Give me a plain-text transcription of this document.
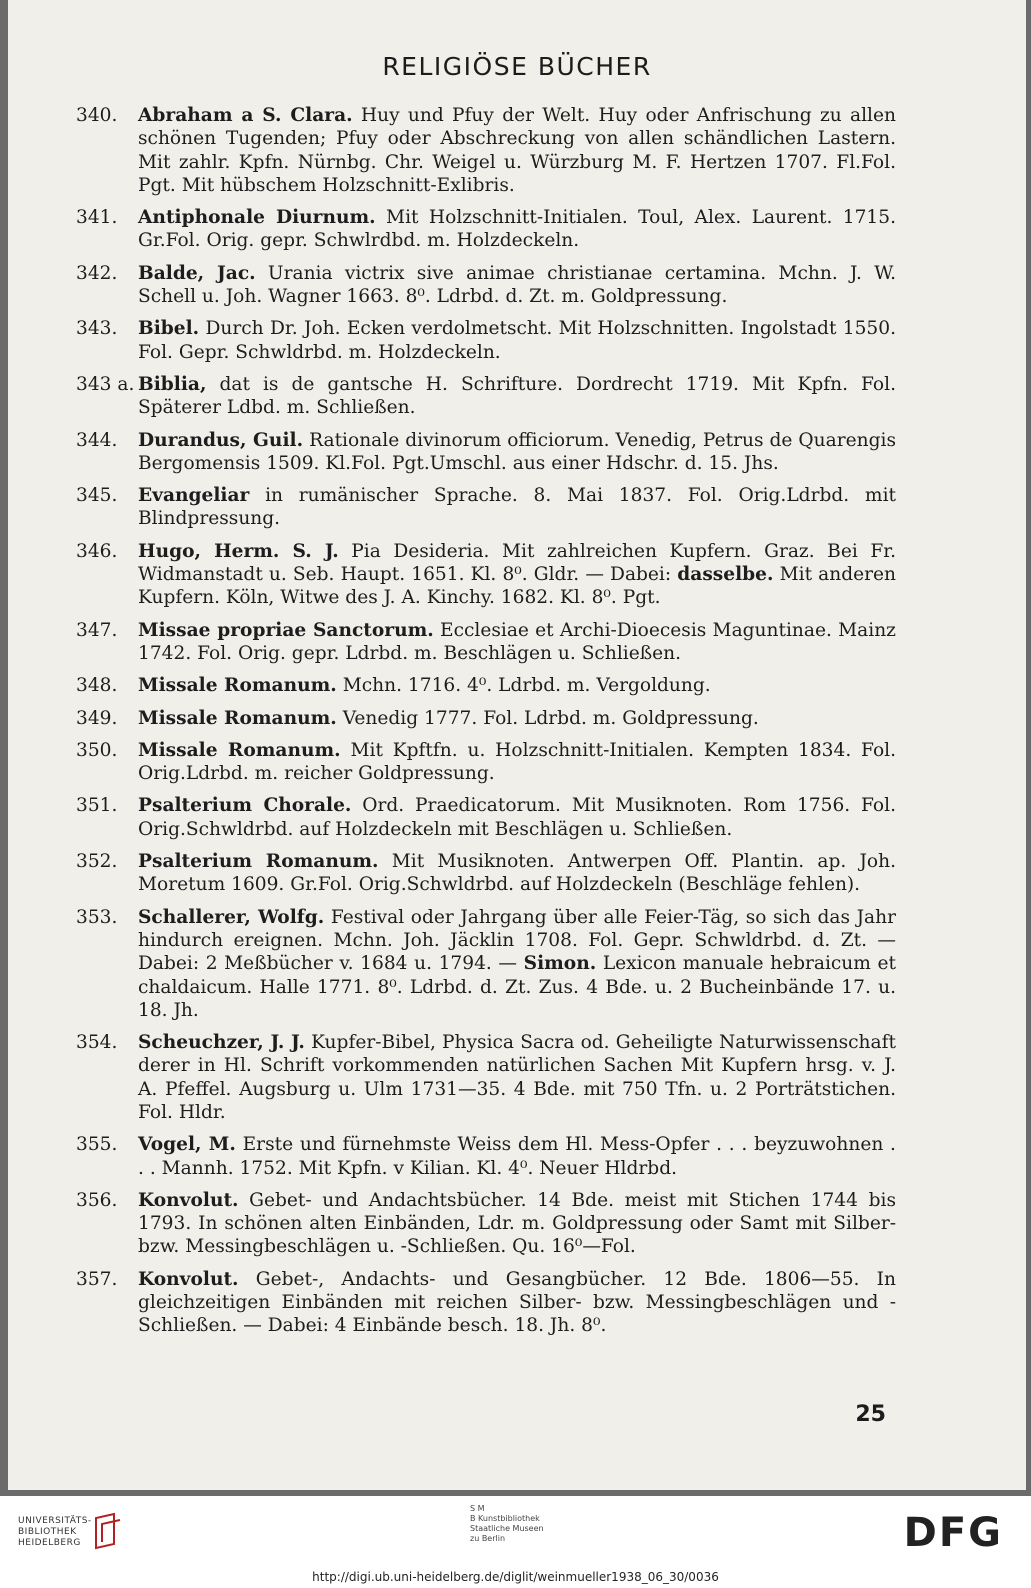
RELIGIÖSE BÜCHER
340. Abraham a S. Clara. Huy und Pfuy der Welt. Huy oder Anfrischung zu allen schönen Tugenden; Pfuy oder Abschreckung von allen schändlichen Lastern. Mit zahlr. Kpfn. Nürnbg. Chr. Weigel u. Würzburg M. F. Hertzen 1707. Fl.Fol. Pgt. Mit hübschem Holzschnitt-Exlibris.
341. Antiphonale Diurnum. Mit Holzschnitt-Initialen. Toul, Alex. Laurent. 1715. Gr.Fol. Orig. gepr. Schwlrdbd. m. Holzdeckeln.
342. Balde, Jac. Urania victrix sive animae christianae certamina. Mchn. J. W. Schell u. Joh. Wagner 1663. 8⁰. Ldrbd. d. Zt. m. Goldpressung.
343. Bibel. Durch Dr. Joh. Ecken verdolmetscht. Mit Holzschnitten. Ingolstadt 1550. Fol. Gepr. Schwldrbd. m. Holzdeckeln.
343 a. Biblia, dat is de gantsche H. Schrifture. Dordrecht 1719. Mit Kpfn. Fol. Späterer Ldbd. m. Schließen.
344. Durandus, Guil. Rationale divinorum officiorum. Venedig, Petrus de Quarengis Bergomensis 1509. Kl.Fol. Pgt.Umschl. aus einer Hdschr. d. 15. Jhs.
345. Evangeliar in rumänischer Sprache. 8. Mai 1837. Fol. Orig.Ldrbd. mit Blindpressung.
346. Hugo, Herm. S. J. Pia Desideria. Mit zahlreichen Kupfern. Graz. Bei Fr. Widmanstadt u. Seb. Haupt. 1651. Kl. 8⁰. Gldr. — Dabei: dasselbe. Mit anderen Kupfern. Köln, Witwe des J. A. Kinchy. 1682. Kl. 8⁰. Pgt.
347. Missae propriae Sanctorum. Ecclesiae et Archi-Dioecesis Maguntinae. Mainz 1742. Fol. Orig. gepr. Ldrbd. m. Beschlägen u. Schließen.
348. Missale Romanum. Mchn. 1716. 4⁰. Ldrbd. m. Vergoldung.
349. Missale Romanum. Venedig 1777. Fol. Ldrbd. m. Goldpressung.
350. Missale Romanum. Mit Kpftfn. u. Holzschnitt-Initialen. Kempten 1834. Fol. Orig.Ldrbd. m. reicher Goldpressung.
351. Psalterium Chorale. Ord. Praedicatorum. Mit Musiknoten. Rom 1756. Fol. Orig.Schwldrbd. auf Holzdeckeln mit Beschlägen u. Schließen.
352. Psalterium Romanum. Mit Musiknoten. Antwerpen Off. Plantin. ap. Joh. Moretum 1609. Gr.Fol. Orig.Schwldrbd. auf Holzdeckeln (Beschläge fehlen).
353. Schallerer, Wolfg. Festival oder Jahrgang über alle Feier-Täg, so sich das Jahr hindurch ereignen. Mchn. Joh. Jäcklin 1708. Fol. Gepr. Schwldrbd. d. Zt. — Dabei: 2 Meßbücher v. 1684 u. 1794. — Simon. Lexicon manuale hebraicum et chaldaicum. Halle 1771. 8⁰. Ldrbd. d. Zt. Zus. 4 Bde. u. 2 Bucheinbände 17. u. 18. Jh.
354. Scheuchzer, J. J. Kupfer-Bibel, Physica Sacra od. Geheiligte Naturwissenschaft derer in Hl. Schrift vorkommenden natürlichen Sachen Mit Kupfern hrsg. v. J. A. Pfeffel. Augsburg u. Ulm 1731—35. 4 Bde. mit 750 Tfn. u. 2 Porträtstichen. Fol. Hldr.
355. Vogel, M. Erste und fürnehmste Weiss dem Hl. Mess-Opfer . . . beyzuwohnen . . . Mannh. 1752. Mit Kpfn. v Kilian. Kl. 4⁰. Neuer Hldrbd.
356. Konvolut. Gebet- und Andachtsbücher. 14 Bde. meist mit Stichen 1744 bis 1793. In schönen alten Einbänden, Ldr. m. Goldpressung oder Samt mit Silber- bzw. Messingbeschlägen u. -Schließen. Qu. 16⁰—Fol.
357. Konvolut. Gebet-, Andachts- und Gesangbücher. 12 Bde. 1806—55. In gleichzeitigen Einbänden mit reichen Silber- bzw. Messingbeschlägen und -Schließen. — Dabei: 4 Einbände besch. 18. Jh. 8⁰.
25
UNIVERSITÄTS-
BIBLIOTHEK
HEIDELBERG
S M
B Kunstbibliothek
Staatliche Museen
zu Berlin	DFG
http://digi.ub.uni-heidelberg.de/diglit/weinmueller1938_06_30/0036
